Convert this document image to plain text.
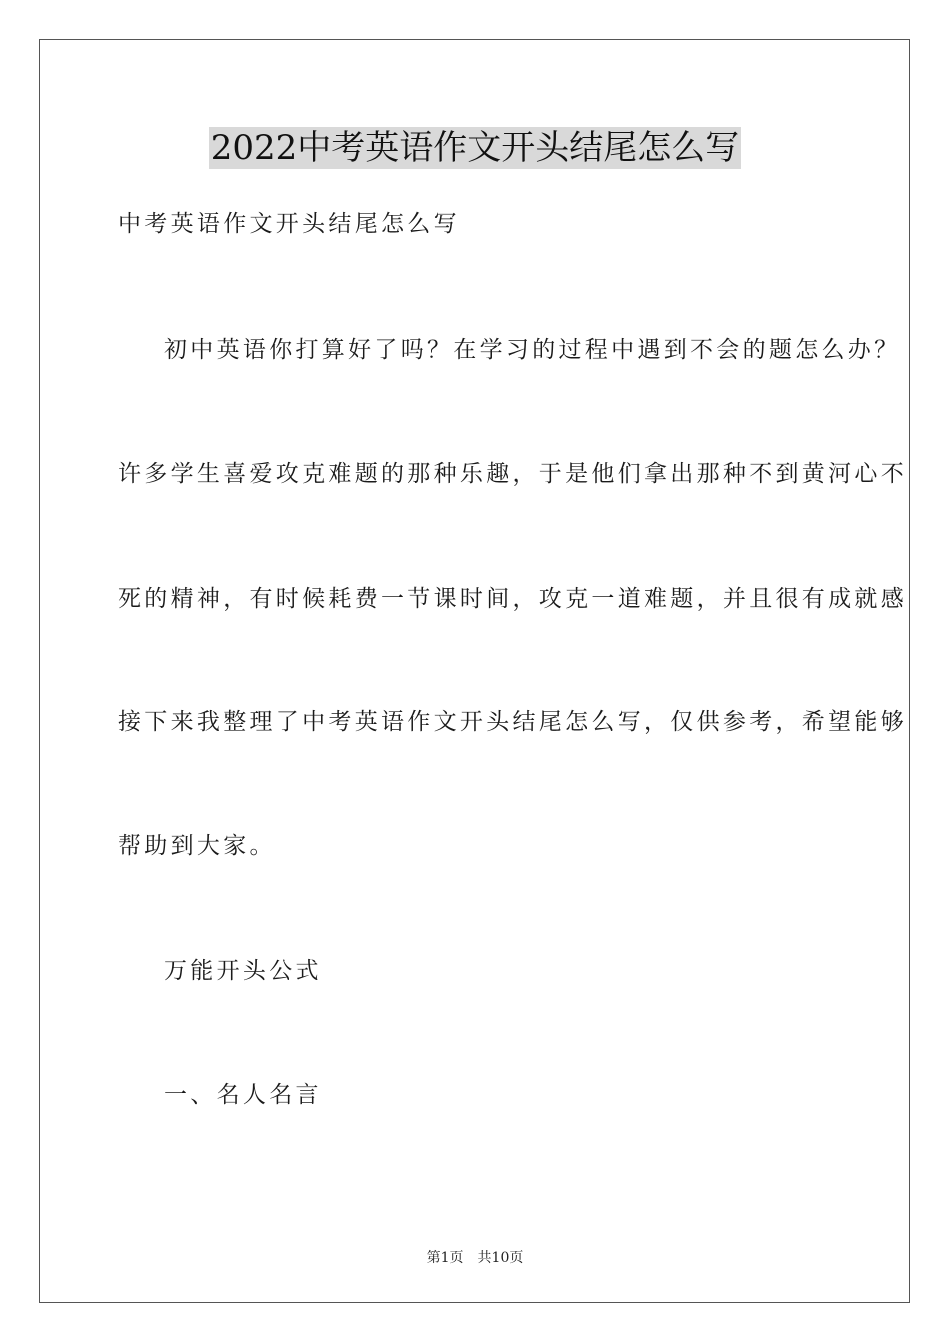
2022中考英语作文开头结尾怎么写
中考英语作文开头结尾怎么写
初中英语你打算好了吗？在学习的过程中遇到不会的题怎么办？
许多学生喜爱攻克难题的那种乐趣，于是他们拿出那种不到黄河心不
死的精神，有时候耗费一节课时间，攻克一道难题，并且很有成就感
接下来我整理了中考英语作文开头结尾怎么写，仅供参考，希望能够
帮助到大家。
万能开头公式
一、名人名言
第1页 共10页
